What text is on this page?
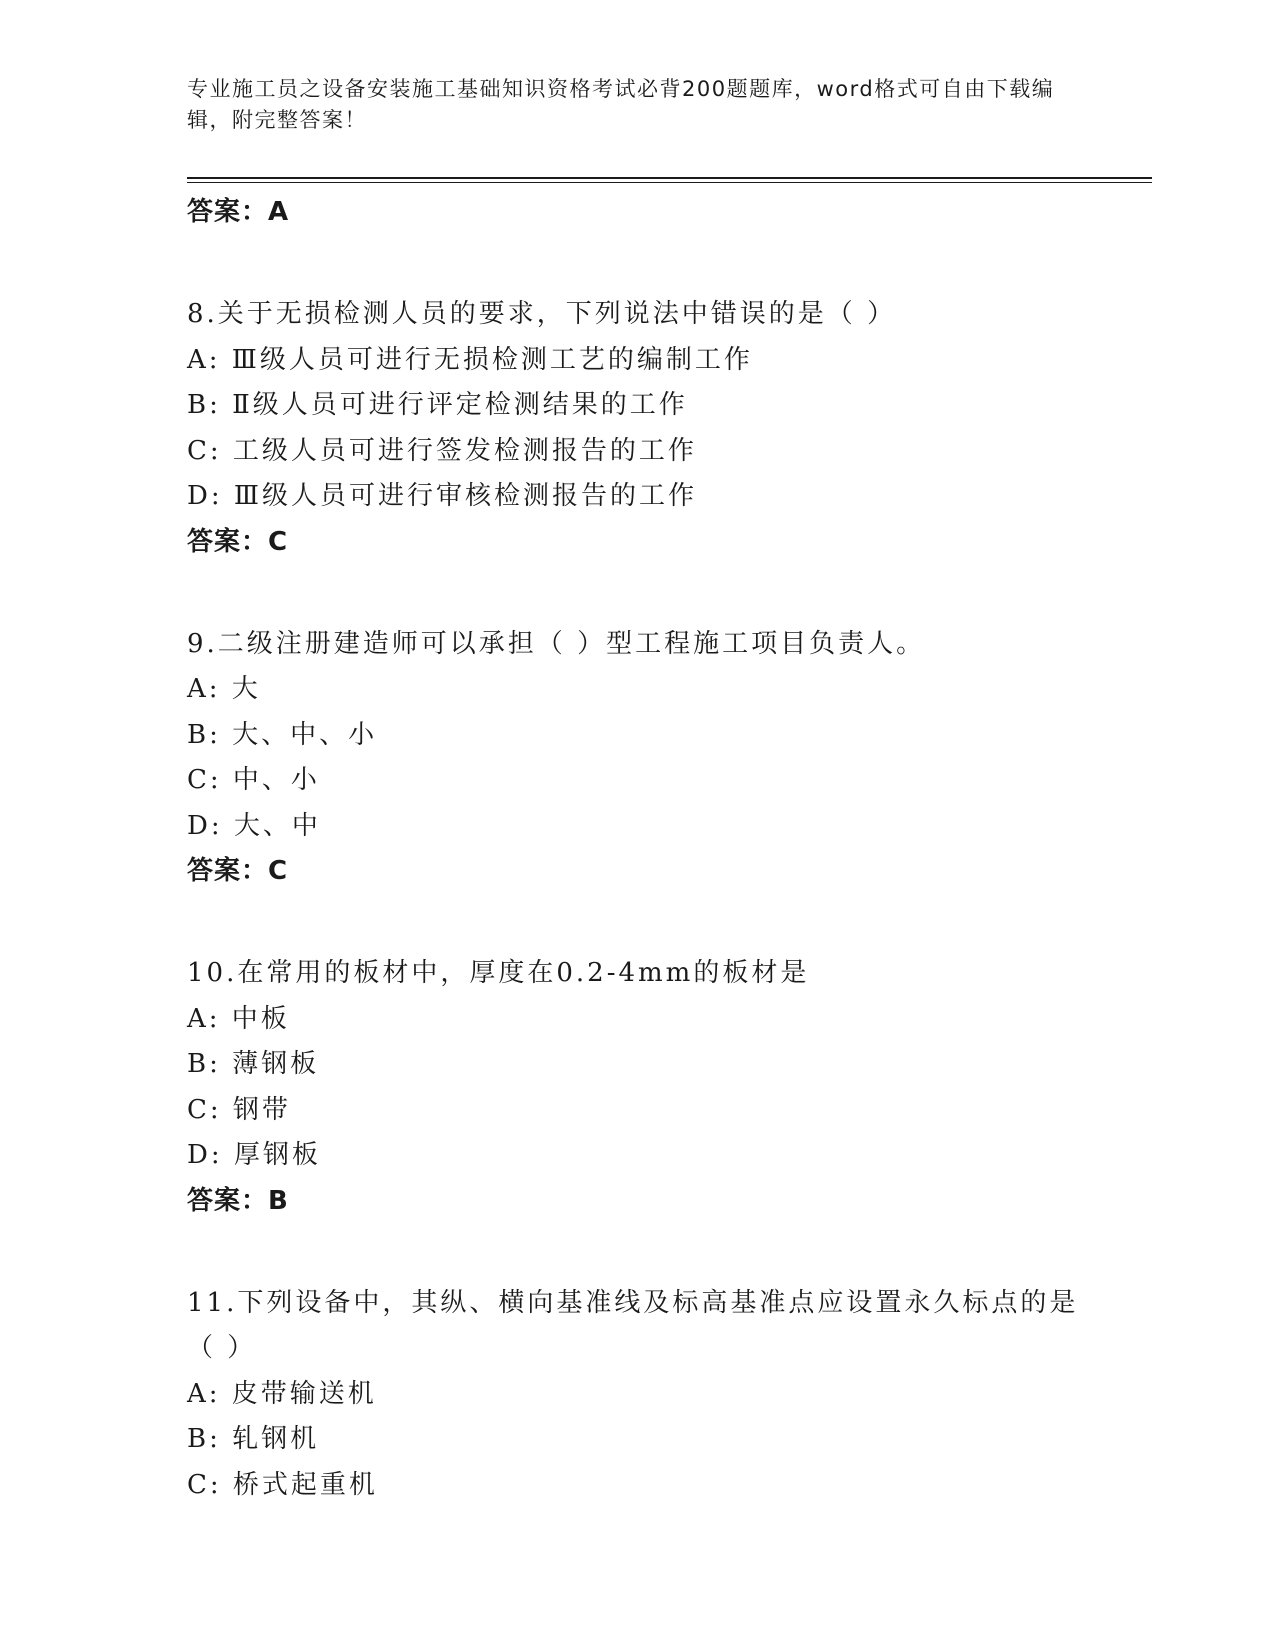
专业施工员之设备安装施工基础知识资格考试必背200题题库，word格式可自由下载编辑，附完整答案！
答案：A
8.关于无损检测人员的要求，下列说法中错误的是（ ）
A: Ⅲ级人员可进行无损检测工艺的编制工作
B: Ⅱ级人员可进行评定检测结果的工作
C: 工级人员可进行签发检测报告的工作
D: Ⅲ级人员可进行审核检测报告的工作
答案：C
9.二级注册建造师可以承担（ ）型工程施工项目负责人。
A: 大
B: 大、中、小
C: 中、小
D: 大、中
答案：C
10.在常用的板材中，厚度在0.2-4mm的板材是
A: 中板
B: 薄钢板
C: 钢带
D: 厚钢板
答案：B
11.下列设备中，其纵、横向基准线及标高基准点应设置永久标点的是
（ ）
A: 皮带输送机
B: 轧钢机
C: 桥式起重机
